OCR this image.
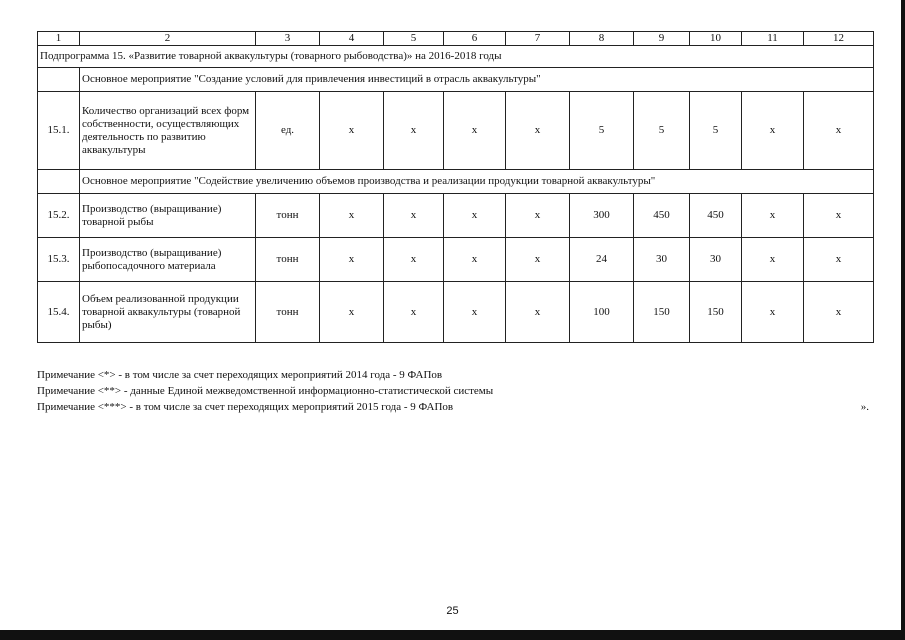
1	2	3	4	5	6	7	8	9	10	11	12
Подпрограмма 15. «Развитие товарной аквакультуры (товарного рыбоводства)» на 2016-2018 годы											
	Основное мероприятие "Создание условий для привлечения инвестиций в отрасль аквакультуры"										
15.1.	Количество организаций всех форм собственности, осуществляющих деятельность по развитию аквакультуры	ед.	х	х	х	х	5	5	5	х	х
	Основное мероприятие "Содействие увеличению объемов производства и реализации продукции товарной аквакультуры"										
15.2.	Производство (выращивание) товарной рыбы	тонн	х	х	х	х	300	450	450	х	х
15.3.	Производство (выращивание) рыбопосадочного материала	тонн	х	х	х	х	24	30	30	х	х
15.4.	Объем реализованной продукции товарной аквакультуры (товарной рыбы)	тонн	х	х	х	х	100	150	150	х	х
Примечание <*> - в том числе за счет переходящих мероприятий 2014 года - 9 ФАПов
Примечание <**> - данные Единой межведомственной информационно-статистической системы
Примечание <***> - в том числе за счет переходящих мероприятий 2015 года - 9 ФАПов	».
25
